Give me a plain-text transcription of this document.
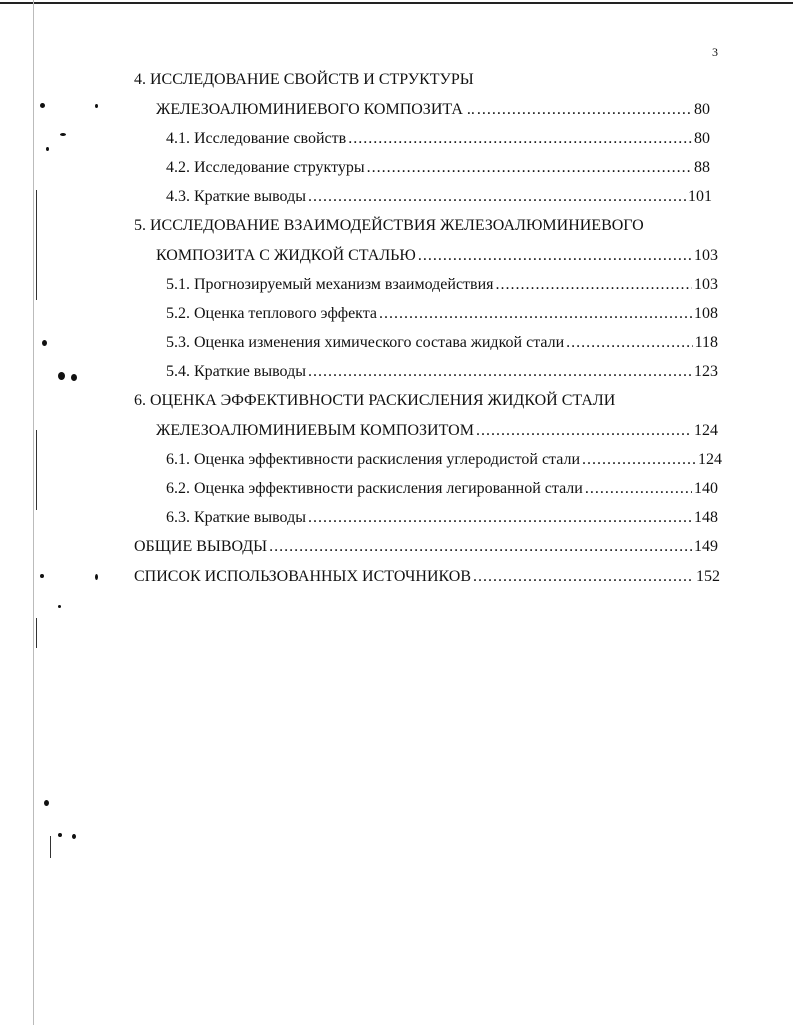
3
4. ИССЛЕДОВАНИЕ СВОЙСТВ И СТРУКТУРЫ
ЖЕЛЕЗОАЛЮМИНИЕВОГО КОМПОЗИТА .. .....	80
4.1. Исследование свойств .....	80
4.2. Исследование структуры .....	88
4.3. Краткие выводы .....	101
5. ИССЛЕДОВАНИЕ ВЗАИМОДЕЙСТВИЯ ЖЕЛЕЗОАЛЮМИНИЕВОГО
КОМПОЗИТА С ЖИДКОЙ СТАЛЬЮ .....	103
5.1. Прогнозируемый механизм взаимодействия .....	103
5.2. Оценка теплового эффекта .....	108
5.3. Оценка изменения химического состава жидкой стали .....	118
5.4. Краткие выводы .....	123
6. ОЦЕНКА ЭФФЕКТИВНОСТИ РАСКИСЛЕНИЯ ЖИДКОЙ СТАЛИ
ЖЕЛЕЗОАЛЮМИНИЕВЫМ КОМПОЗИТОМ .....	124
6.1. Оценка эффективности раскисления углеродистой стали .....	124
6.2. Оценка эффективности раскисления легированной стали .....	140
6.3. Краткие выводы .....	148
ОБЩИЕ ВЫВОДЫ .....	149
СПИСОК ИСПОЛЬЗОВАННЫХ ИСТОЧНИКОВ .....	152
